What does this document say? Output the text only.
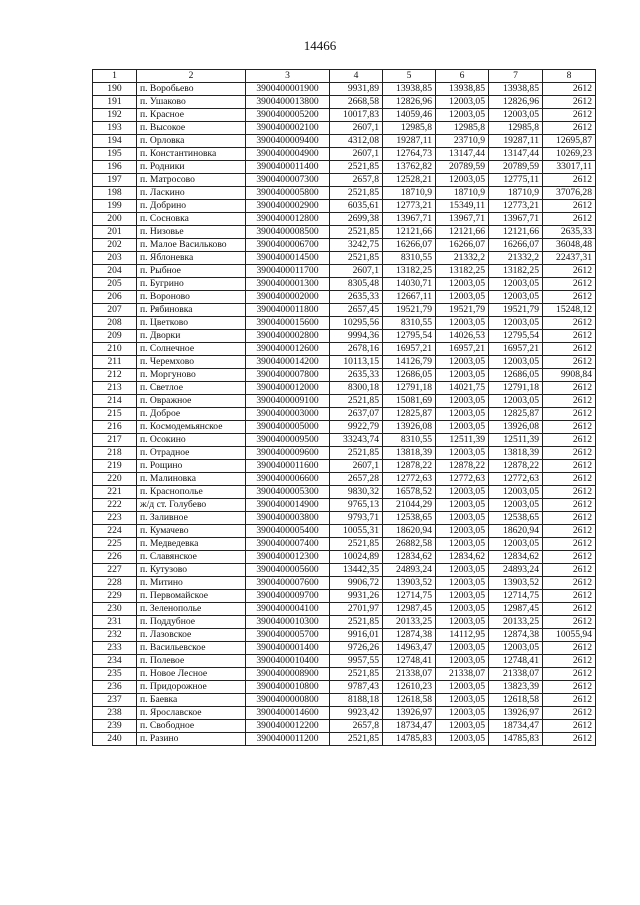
14466
1	2	3	4	5	6	7	8
190	п. Воробьево	3900400001900	9931,89	13938,85	13938,85	13938,85	2612
191	п. Ушаково	3900400013800	2668,58	12826,96	12003,05	12826,96	2612
192	п. Красное	3900400005200	10017,83	14059,46	12003,05	12003,05	2612
193	п. Высокое	3900400002100	2607,1	12985,8	12985,8	12985,8	2612
194	п. Орловка	3900400009400	4312,08	19287,11	23710,9	19287,11	12695,87
195	п. Константиновка	3900400004900	2607,1	12764,73	13147,44	13147,44	10269,23
196	п. Родники	3900400011400	2521,85	13762,82	20789,59	20789,59	33017,11
197	п. Матросово	3900400007300	2657,8	12528,21	12003,05	12775,11	2612
198	п. Ласкино	3900400005800	2521,85	18710,9	18710,9	18710,9	37076,28
199	п. Добрино	3900400002900	6035,61	12773,21	15349,11	12773,21	2612
200	п. Сосновка	3900400012800	2699,38	13967,71	13967,71	13967,71	2612
201	п. Низовье	3900400008500	2521,85	12121,66	12121,66	12121,66	2635,33
202	п. Малое Васильково	3900400006700	3242,75	16266,07	16266,07	16266,07	36048,48
203	п. Яблоневка	3900400014500	2521,85	8310,55	21332,2	21332,2	22437,31
204	п. Рыбное	3900400011700	2607,1	13182,25	13182,25	13182,25	2612
205	п. Бугрино	3900400001300	8305,48	14030,71	12003,05	12003,05	2612
206	п. Вороново	3900400002000	2635,33	12667,11	12003,05	12003,05	2612
207	п. Рябиновка	3900400011800	2657,45	19521,79	19521,79	19521,79	15248,12
208	п. Цветково	3900400015600	10295,56	8310,55	12003,05	12003,05	2612
209	п. Дворки	3900400002800	9994,36	12795,54	14026,53	12795,54	2612
210	п. Солнечное	3900400012600	2678,16	16957,21	16957,21	16957,21	2612
211	п. Черемхово	3900400014200	10113,15	14126,79	12003,05	12003,05	2612
212	п. Моргуново	3900400007800	2635,33	12686,05	12003,05	12686,05	9908,84
213	п. Светлое	3900400012000	8300,18	12791,18	14021,75	12791,18	2612
214	п. Овражное	3900400009100	2521,85	15081,69	12003,05	12003,05	2612
215	п. Доброе	3900400003000	2637,07	12825,87	12003,05	12825,87	2612
216	п. Космодемьянское	3900400005000	9922,79	13926,08	12003,05	13926,08	2612
217	п. Осокино	3900400009500	33243,74	8310,55	12511,39	12511,39	2612
218	п. Отрадное	3900400009600	2521,85	13818,39	12003,05	13818,39	2612
219	п. Рощино	3900400011600	2607,1	12878,22	12878,22	12878,22	2612
220	п. Малиновка	3900400006600	2657,28	12772,63	12772,63	12772,63	2612
221	п. Краснополье	3900400005300	9830,32	16578,52	12003,05	12003,05	2612
222	ж/д ст. Голубево	3900400014900	9765,13	21044,29	12003,05	12003,05	2612
223	п. Заливное	3900400003800	9793,71	12538,65	12003,05	12538,65	2612
224	п. Кумачево	3900400005400	10055,31	18620,94	12003,05	18620,94	2612
225	п. Медведевка	3900400007400	2521,85	26882,58	12003,05	12003,05	2612
226	п. Славянское	3900400012300	10024,89	12834,62	12834,62	12834,62	2612
227	п. Кутузово	3900400005600	13442,35	24893,24	12003,05	24893,24	2612
228	п. Митино	3900400007600	9906,72	13903,52	12003,05	13903,52	2612
229	п. Первомайское	3900400009700	9931,26	12714,75	12003,05	12714,75	2612
230	п. Зеленополье	3900400004100	2701,97	12987,45	12003,05	12987,45	2612
231	п. Поддубное	3900400010300	2521,85	20133,25	12003,05	20133,25	2612
232	п. Лазовское	3900400005700	9916,01	12874,38	14112,95	12874,38	10055,94
233	п. Васильевское	3900400001400	9726,26	14963,47	12003,05	12003,05	2612
234	п. Полевое	3900400010400	9957,55	12748,41	12003,05	12748,41	2612
235	п. Новое Лесное	3900400008900	2521,85	21338,07	21338,07	21338,07	2612
236	п. Придорожное	3900400010800	9787,43	12610,23	12003,05	13823,39	2612
237	п. Баевка	3900400000800	8188,18	12618,58	12003,05	12618,58	2612
238	п. Ярославское	3900400014600	9923,42	13926,97	12003,05	13926,97	2612
239	п. Свободное	3900400012200	2657,8	18734,47	12003,05	18734,47	2612
240	п. Разино	3900400011200	2521,85	14785,83	12003,05	14785,83	2612
